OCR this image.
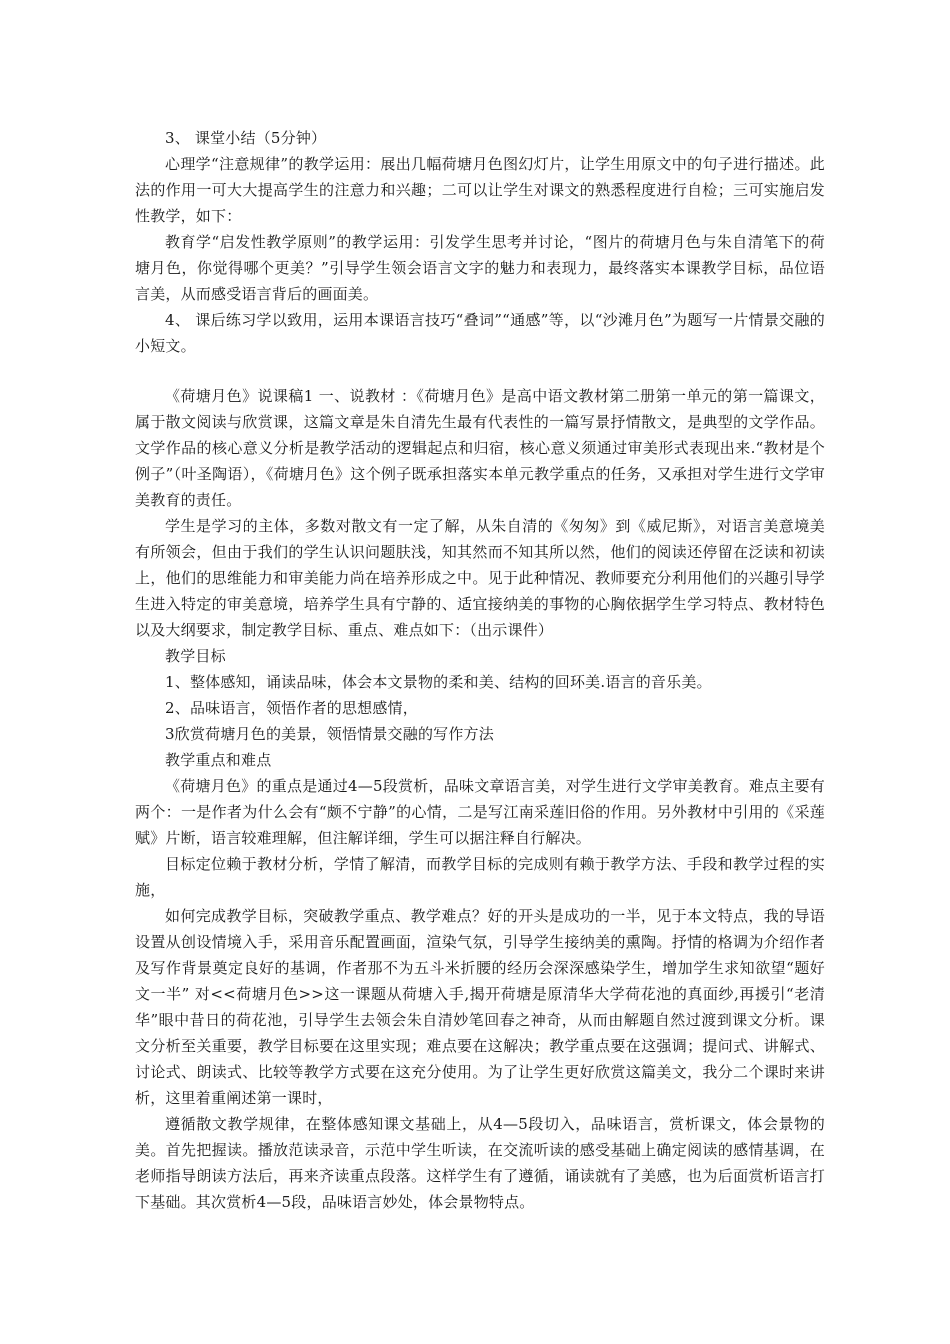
3、 课堂小结（5分钟）

心理学“注意规律”的教学运用：展出几幅荷塘月色图幻灯片，让学生用原文中的句子进行描述。此法的作用一可大大提高学生的注意力和兴趣；二可以让学生对课文的熟悉程度进行自检；三可实施启发性教学，如下：

教育学“启发性教学原则”的教学运用：引发学生思考并讨论，“图片的荷塘月色与朱自清笔下的荷塘月色，你觉得哪个更美？”引导学生领会语言文字的魅力和表现力，最终落实本课教学目标，品位语言美，从而感受语言背后的画面美。

4、 课后练习学以致用，运用本课语言技巧“叠词”“通感”等，以“沙滩月色”为题写一片情景交融的小短文。

《荷塘月色》说课稿1 一、说教材 ：《荷塘月色》是高中语文教材第二册第一单元的第一篇课文，属于散文阅读与欣赏课，这篇文章是朱自清先生最有代表性的一篇写景抒情散文，是典型的文学作品。文学作品的核心意义分析是教学活动的逻辑起点和归宿，核心意义须通过审美形式表现出来.“教材是个例子”（叶圣陶语），《荷塘月色》这个例子既承担落实本单元教学重点的任务，又承担对学生进行文学审美教育的责任。

学生是学习的主体，多数对散文有一定了解，从朱自清的《匆匆》到《威尼斯》，对语言美意境美有所领会，但由于我们的学生认识问题肤浅，知其然而不知其所以然，他们的阅读还停留在泛读和初读上，他们的思维能力和审美能力尚在培养形成之中。见于此种情况、教师要充分利用他们的兴趣引导学生进入特定的审美意境，培养学生具有宁静的、适宜接纳美的事物的心胸依据学生学习特点、教材特色以及大纲要求，制定教学目标、重点、难点如下：（出示课件）

教学目标

1、整体感知，诵读品味，体会本文景物的柔和美、结构的回环美.语言的音乐美。

2、品味语言，领悟作者的思想感情，

3欣赏荷塘月色的美景，领悟情景交融的写作方法

教学重点和难点

《荷塘月色》的重点是通过4—5段赏析，品味文章语言美，对学生进行文学审美教育。难点主要有两个：一是作者为什么会有“颇不宁静”的心情，二是写江南采莲旧俗的作用。另外教材中引用的《采莲赋》片断，语言较难理解，但注解详细，学生可以据注释自行解决。

目标定位赖于教材分析，学情了解清，而教学目标的完成则有赖于教学方法、手段和教学过程的实施，

如何完成教学目标，突破教学重点、教学难点？好的开头是成功的一半，见于本文特点，我的导语设置从创设情境入手，采用音乐配置画面，渲染气氛，引导学生接纳美的熏陶。抒情的格调为介绍作者及写作背景奠定良好的基调，作者那不为五斗米折腰的经历会深深感染学生，增加学生求知欲望“题好文一半” 对<<荷塘月色>>这一课题从荷塘入手,揭开荷塘是原清华大学荷花池的真面纱,再援引“老清华”眼中昔日的荷花池，引导学生去领会朱自清妙笔回春之神奇，从而由解题自然过渡到课文分析。课文分析至关重要，教学目标要在这里实现；难点要在这解决；教学重点要在这强调；提问式、讲解式、讨论式、朗读式、比较等教学方式要在这充分使用。为了让学生更好欣赏这篇美文，我分二个课时来讲析，这里着重阐述第一课时，

遵循散文教学规律，在整体感知课文基础上，从4—5段切入，品味语言，赏析课文，体会景物的美。首先把握读。播放范读录音，示范中学生听读，在交流听读的感受基础上确定阅读的感情基调，在老师指导朗读方法后，再来齐读重点段落。这样学生有了遵循，诵读就有了美感，也为后面赏析语言打下基础。其次赏析4—5段，品味语言妙处，体会景物特点。
